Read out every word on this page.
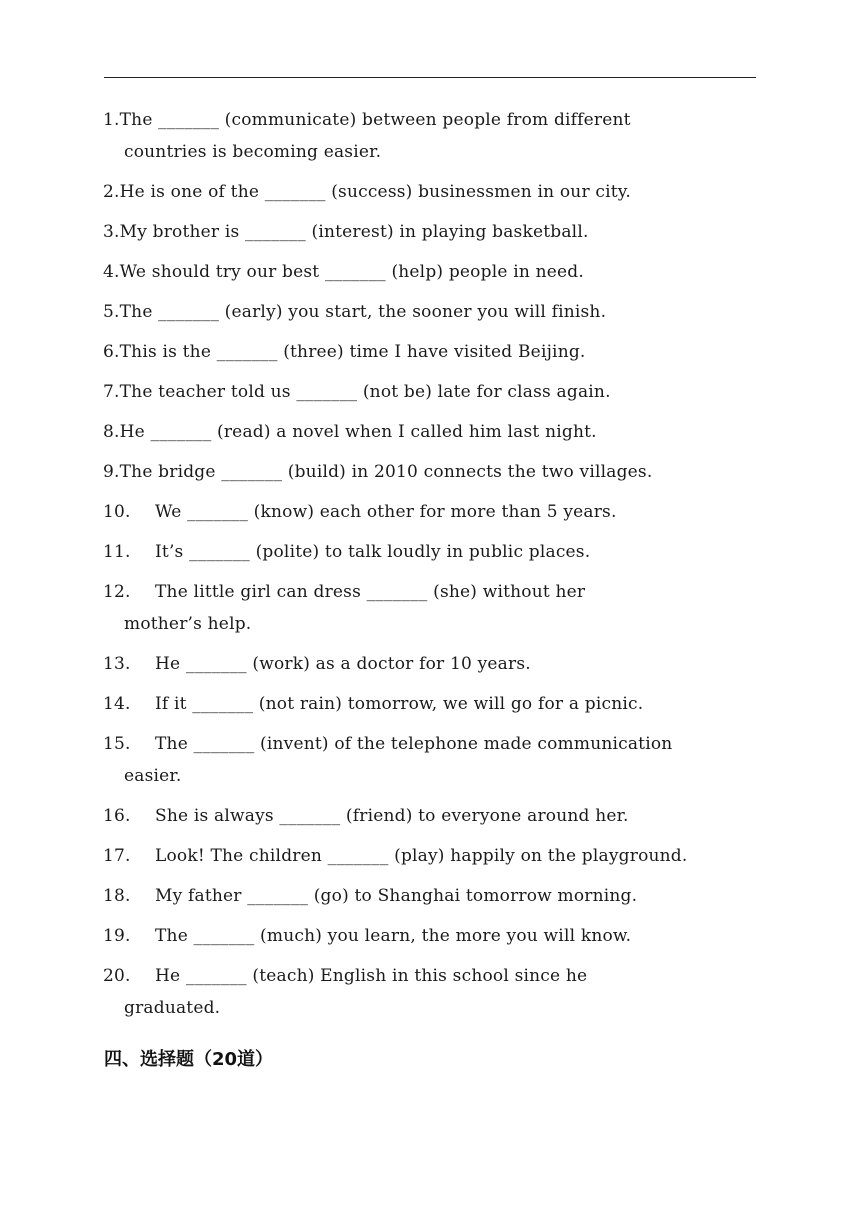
1.The _______ (communicate) between people from different
countries is becoming easier.
2.He is one of the _______ (success) businessmen in our city.
3.My brother is _______ (interest) in playing basketball.
4.We should try our best _______ (help) people in need.
5.The _______ (early) you start, the sooner you will finish.
6.This is the _______ (three) time I have visited Beijing.
7.The teacher told us _______ (not be) late for class again.
8.He _______ (read) a novel when I called him last night.
9.The bridge _______ (build) in 2010 connects the two villages.
10. We _______ (know) each other for more than 5 years.
11. It’s _______ (polite) to talk loudly in public places.
12. The little girl can dress _______ (she) without her
mother’s help.
13. He _______ (work) as a doctor for 10 years.
14. If it _______ (not rain) tomorrow, we will go for a picnic.
15. The _______ (invent) of the telephone made communication
easier.
16. She is always _______ (friend) to everyone around her.
17. Look! The children _______ (play) happily on the playground.
18. My father _______ (go) to Shanghai tomorrow morning.
19. The _______ (much) you learn, the more you will know.
20. He _______ (teach) English in this school since he
graduated.
四、选择题（20道）
